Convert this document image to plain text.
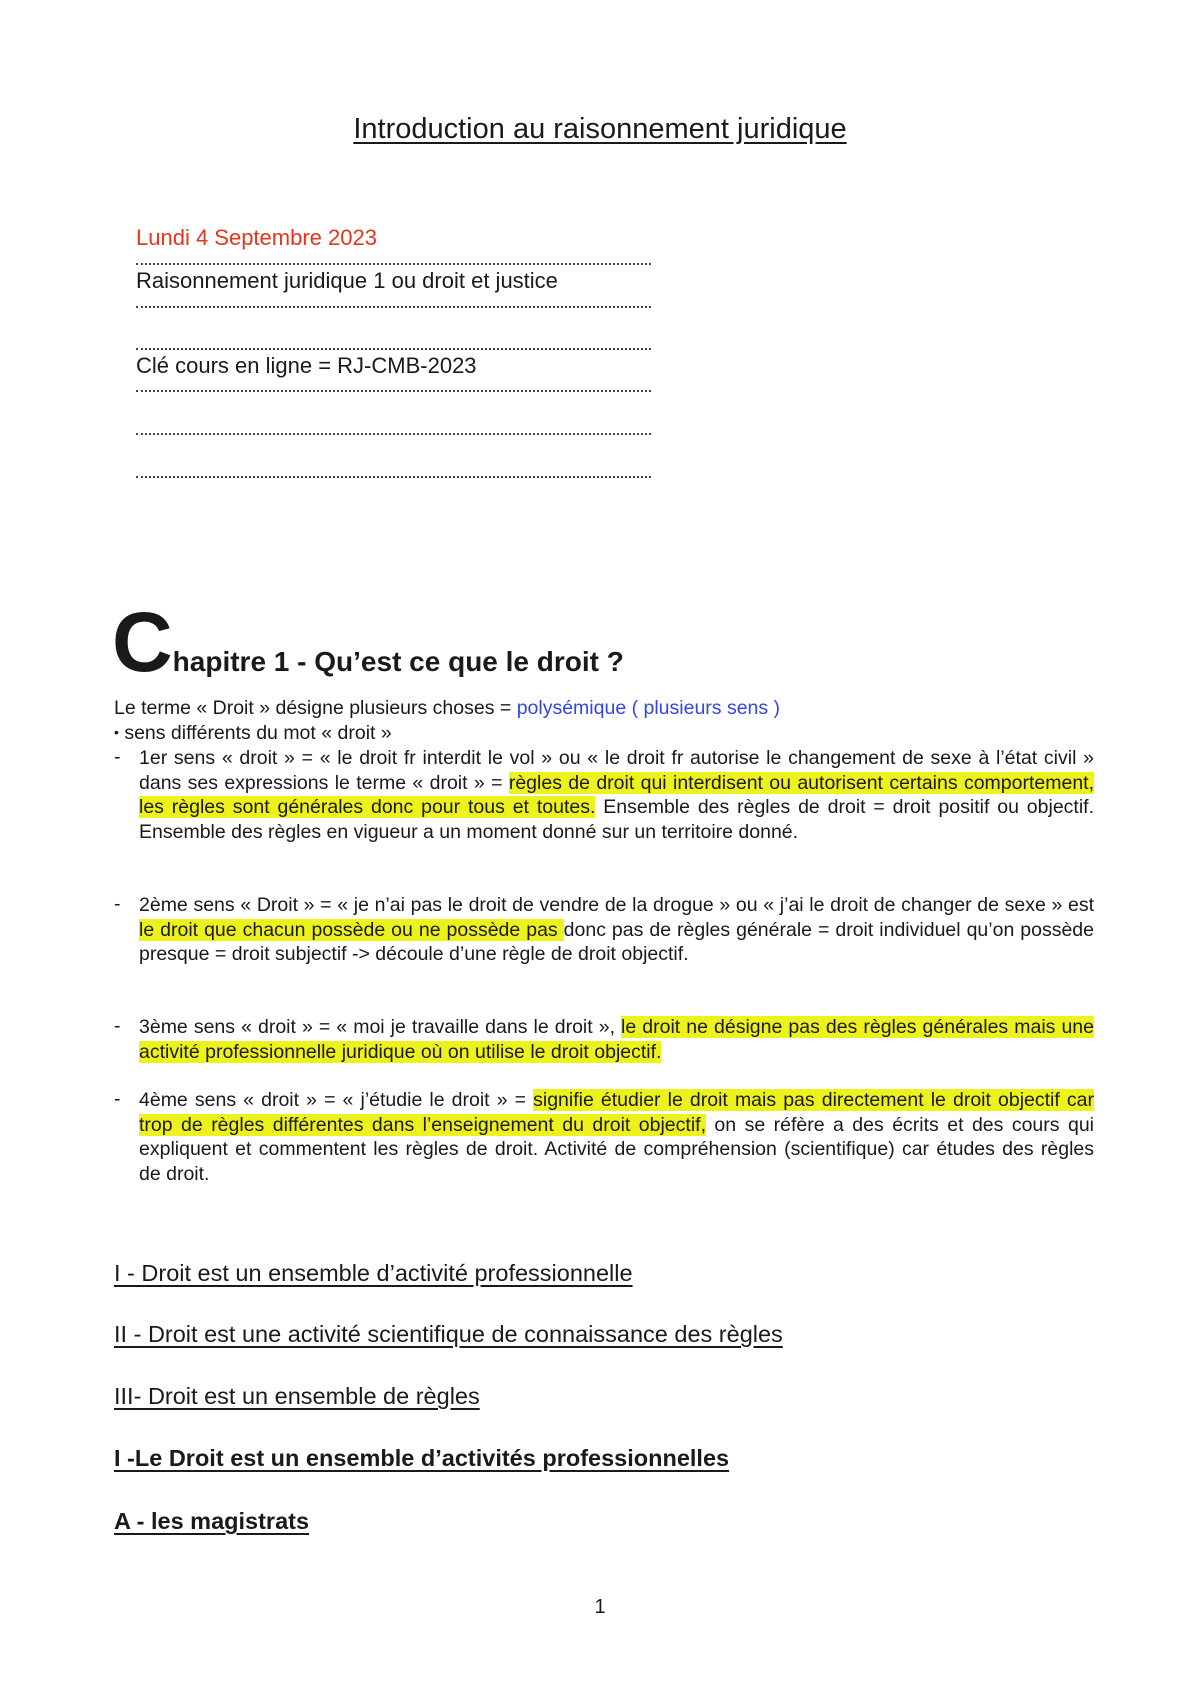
Introduction au raisonnement juridique
Lundi 4 Septembre 2023
Raisonnement juridique 1 ou droit et justice
Clé cours en ligne = RJ-CMB-2023
Chapitre 1 - Qu’est ce que le droit ?
Le terme « Droit » désigne plusieurs choses = polysémique ( plusieurs sens )
• sens différents du mot « droit »
- 1er sens « droit » = « le droit fr interdit le vol » ou « le droit fr autorise le changement de sexe à l’état civil » dans ses expressions le terme « droit » = règles de droit qui interdisent ou autorisent certains comportement, les règles sont générales donc pour tous et toutes. Ensemble des règles de droit = droit positif ou objectif. Ensemble des règles en vigueur a un moment donné sur un territoire donné.

- 2ème sens « Droit » = « je n’ai pas le droit de vendre de la drogue » ou « j’ai le droit de changer de sexe » est le droit que chacun possède ou ne possède pas donc pas de règles générale = droit individuel qu’on possède presque = droit subjectif -> découle d’une règle de droit objectif.

- 3ème sens « droit » = « moi je travaille dans le droit », le droit ne désigne pas des règles générales mais une activité professionnelle juridique où on utilise le droit objectif.

- 4ème sens « droit » = « j’étudie le droit » = signifie étudier le droit mais pas directement le droit objectif car trop de règles différentes dans l’enseignement du droit objectif, on se réfère a des écrits et des cours qui expliquent et commentent les règles de droit. Activité de compréhension (scientifique) car études des règles de droit.

I - Droit est un ensemble d’activité professionnelle
II - Droit est une activité scientifique de connaissance des règles
III- Droit est un ensemble de règles
I -Le Droit est un ensemble d’activités professionnelles
A - les magistrats
1
